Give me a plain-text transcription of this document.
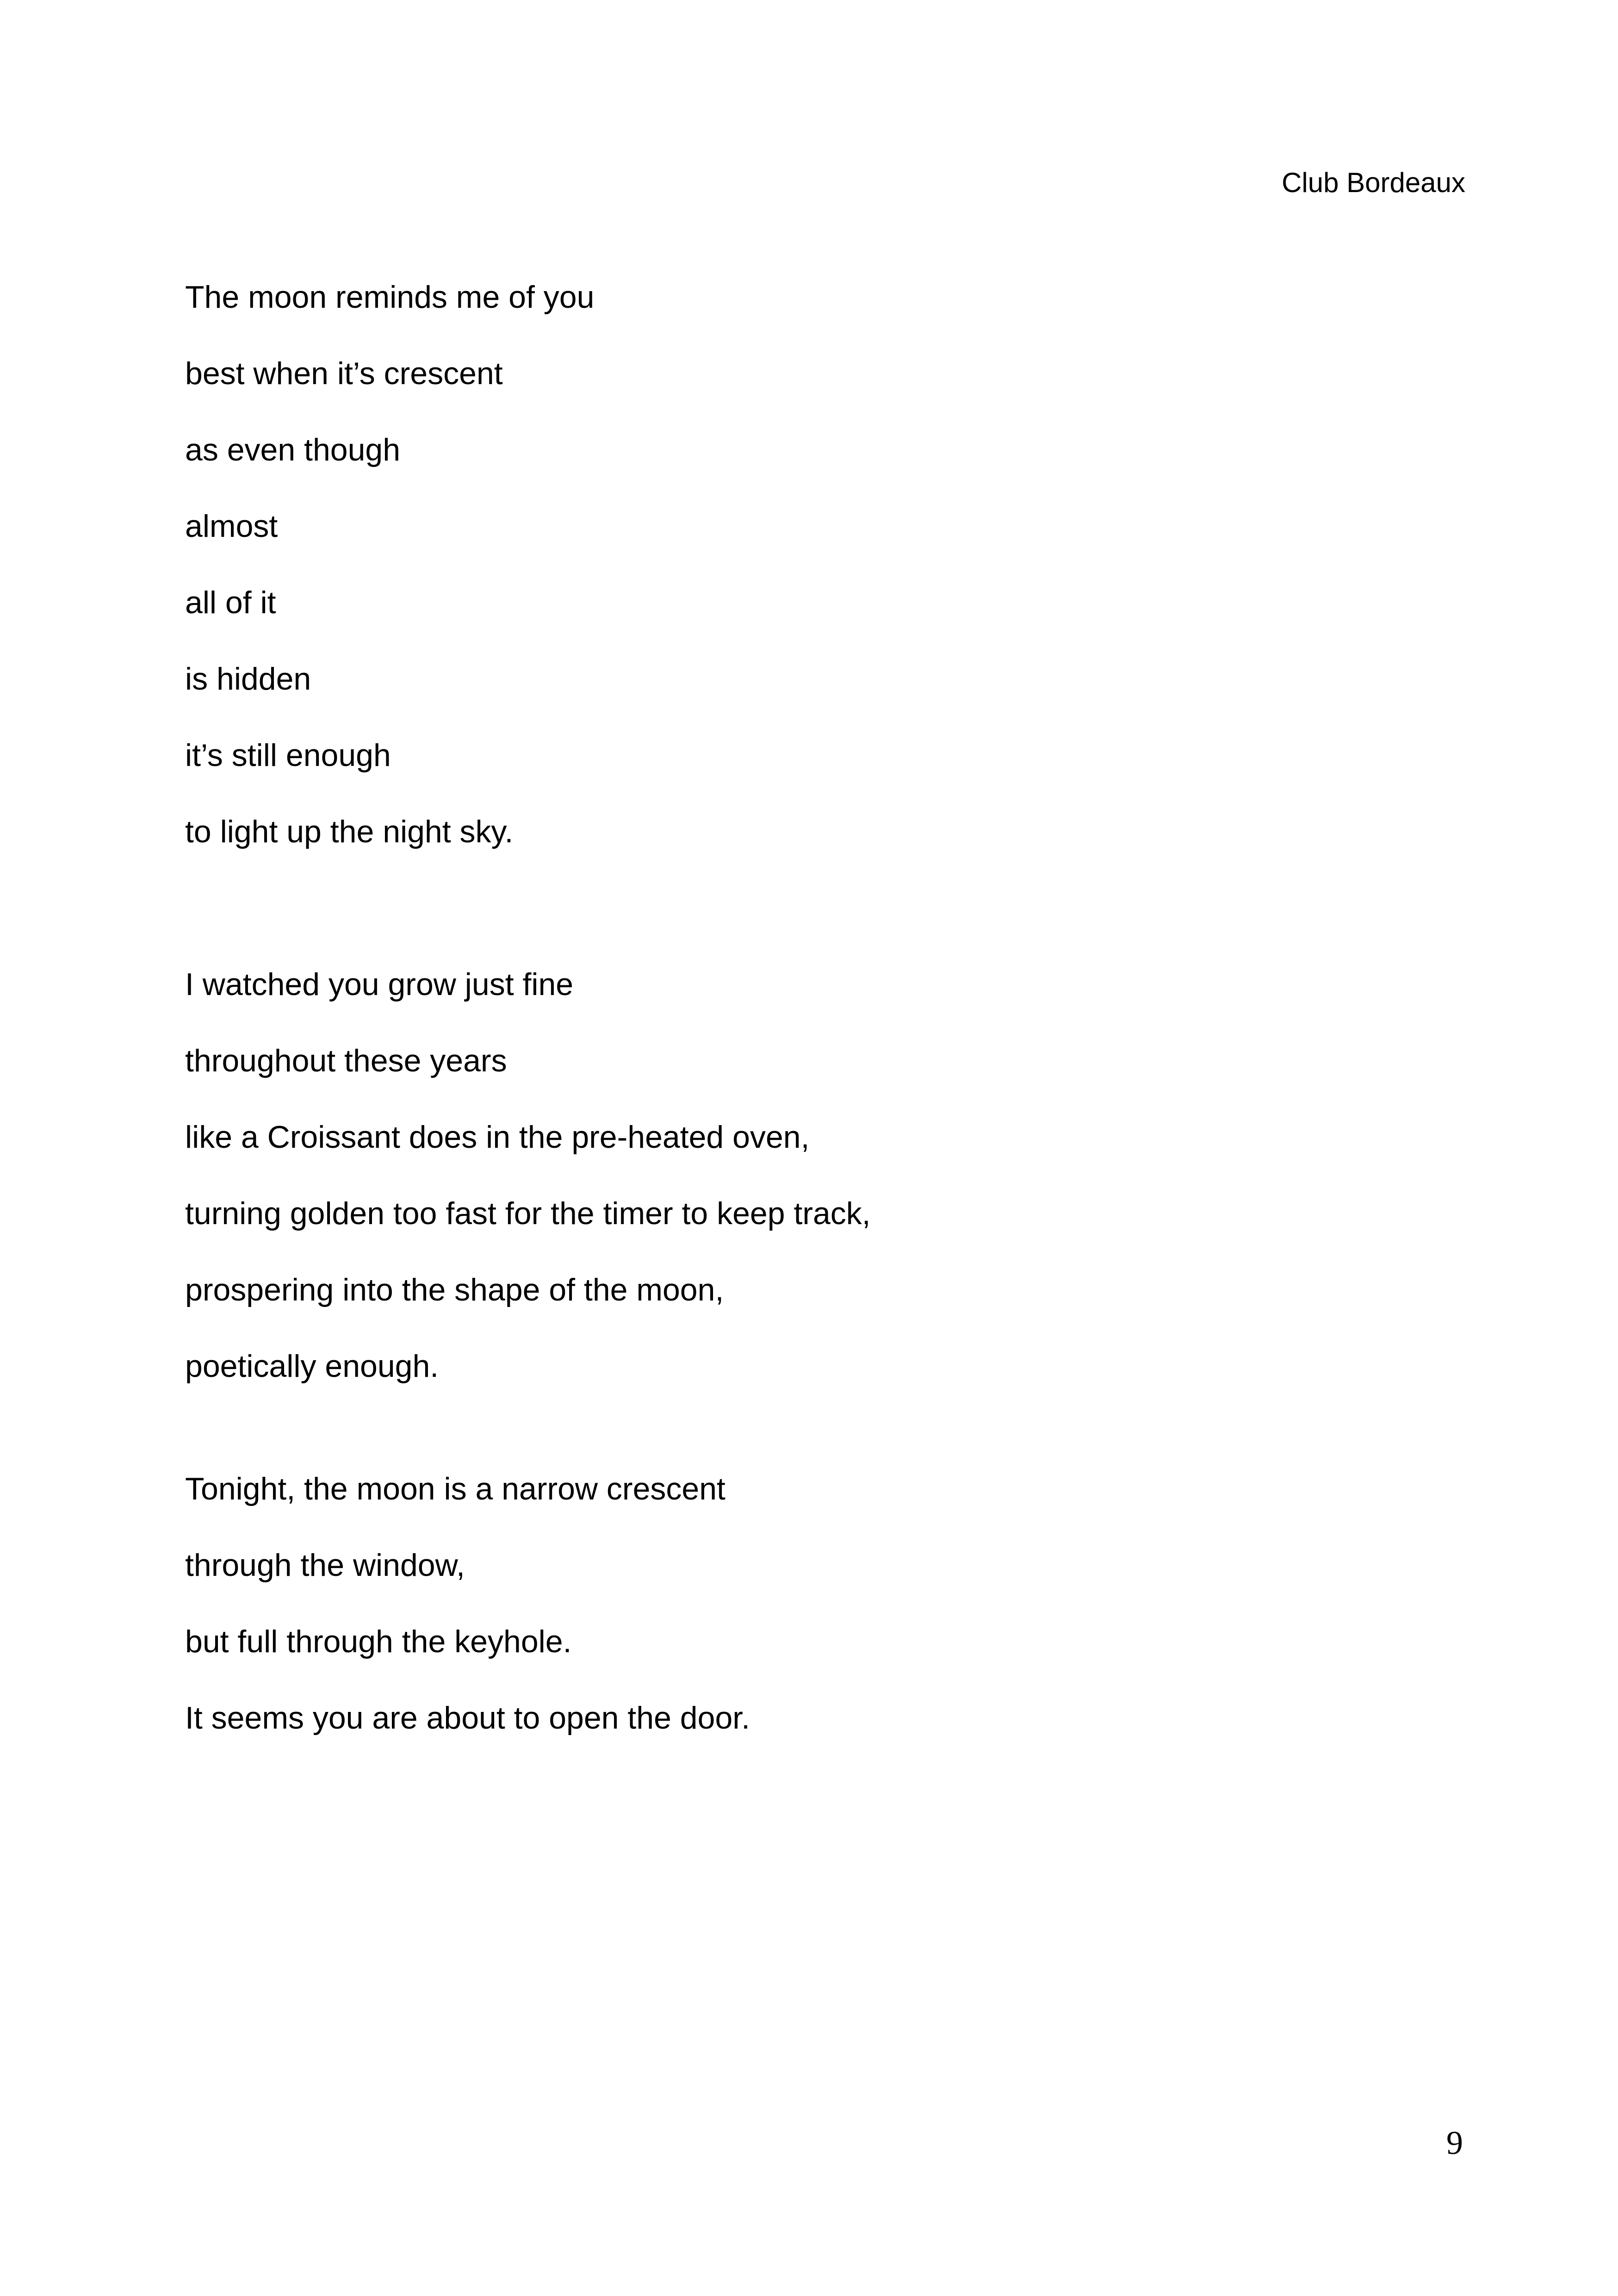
Club Bordeaux
The moon reminds me of you
best when it’s crescent
as even though
almost
all of it
is hidden
it’s still enough
to light up the night sky.
I watched you grow just fine
throughout these years
like a Croissant does in the pre-heated oven,
turning golden too fast for the timer to keep track,
prospering into the shape of the moon,
poetically enough.
Tonight, the moon is a narrow crescent
through the window,
but full through the keyhole.
It seems you are about to open the door.
9
